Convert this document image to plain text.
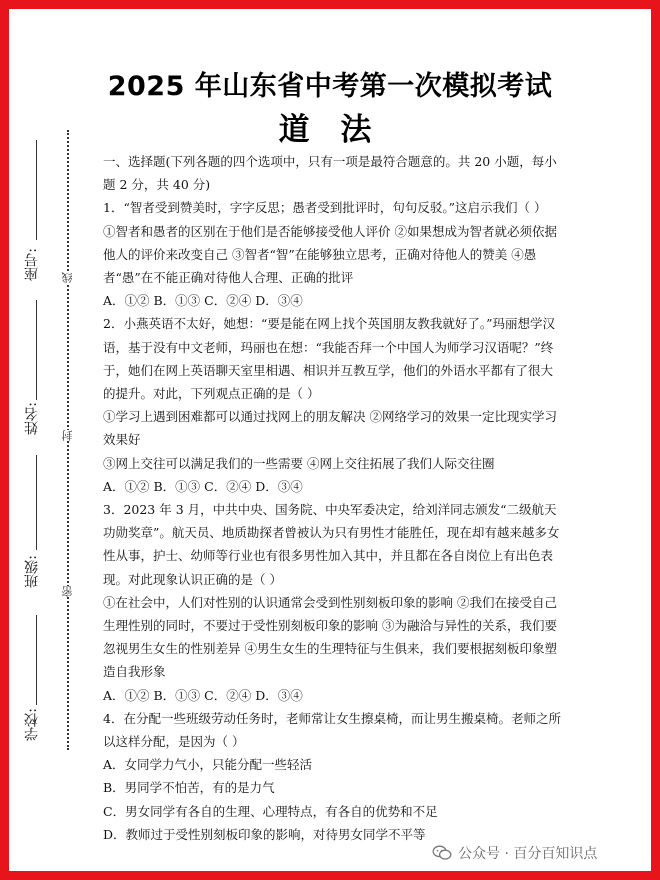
2025 年山东省中考第一次模拟考试
道 法
座号:
姓名:
班级:
学校:
线
封
密

一、选择题(下列各题的四个选项中，只有一项是最符合题意的。共 20 小题，每小题 2 分，共 40 分)

1．“智者受到赞美时，字字反思；愚者受到批评时，句句反驳。”这启示我们（ ）

①智者和愚者的区别在于他们是否能够接受他人评价 ②如果想成为智者就必须依据他人的评价来改变自己 ③智者“智”在能够独立思考，正确对待他人的赞美 ④愚者“愚”在不能正确对待他人合理、正确的批评

A．①② B．①③ C．②④ D．③④

2．小燕英语不太好，她想：“要是能在网上找个英国朋友教我就好了。”玛丽想学汉语，基于没有中文老师，玛丽也在想：“我能否拜一个中国人为师学习汉语呢？”终于，她们在网上英语聊天室里相遇、相识并互教互学，他们的外语水平都有了很大的提升。对此，下列观点正确的是（ ）

①学习上遇到困难都可以通过找网上的朋友解决 ②网络学习的效果一定比现实学习效果好

③网上交往可以满足我们的一些需要 ④网上交往拓展了我们人际交往圈

A．①② B．①③ C．②④ D．③④

3．2023 年 3 月，中共中央、国务院、中央军委决定，给刘洋同志颁发“二级航天功勋奖章”。航天员、地质勘探者曾被认为只有男性才能胜任，现在却有越来越多女性从事，护士、幼师等行业也有很多男性加入其中，并且都在各自岗位上有出色表现。对此现象认识正确的是（ ）

①在社会中，人们对性别的认识通常会受到性别刻板印象的影响 ②我们在接受自己生理性别的同时，不要过于受性别刻板印象的影响 ③为融洽与异性的关系，我们要忽视男生女生的性别差异 ④男生女生的生理特征与生俱来，我们要根据刻板印象塑造自我形象

A．①② B．①③ C．②④ D．③④

4．在分配一些班级劳动任务时，老师常让女生擦桌椅，而让男生搬桌椅。老师之所以这样分配，是因为（ ）

A．女同学力气小，只能分配一些轻活

B．男同学不怕苦，有的是力气

C．男女同学有各自的生理、心理特点，有各自的优势和不足

D．教师过于受性别刻板印象的影响，对待男女同学不平等

公众号 · 百分百知识点
